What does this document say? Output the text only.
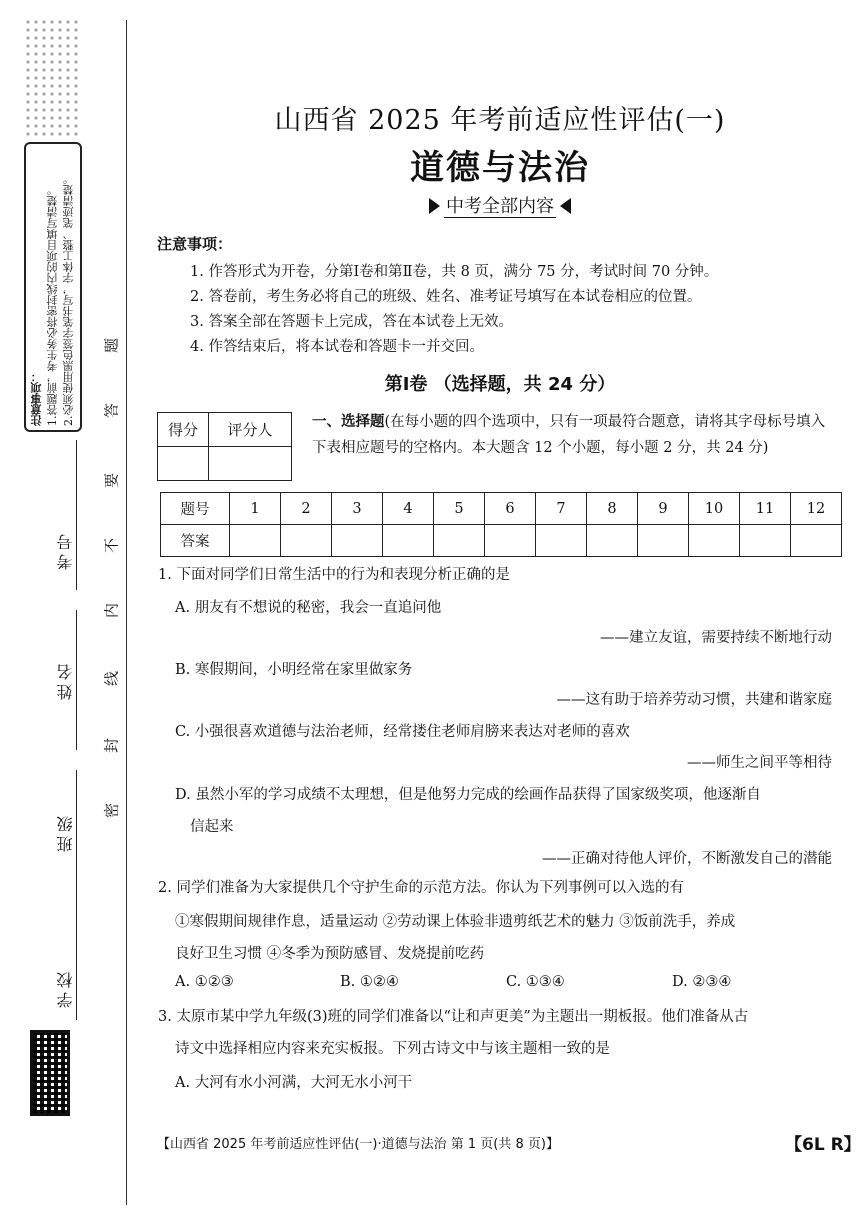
注意事项： 1.答题前，考生务必将密封线内的项目填写清楚。 2.必须使用黑色签字笔书写，字体工整、笔迹清楚。
考号
姓名
班级
学校
题
答
要
不
内
线
封
密
山西省 2025 年考前适应性评估(一)
道德与法治
中考全部内容
注意事项：
1. 作答形式为开卷，分第Ⅰ卷和第Ⅱ卷，共 8 页，满分 75 分，考试时间 70 分钟。
2. 答卷前，考生务必将自己的班级、姓名、准考证号填写在本试卷相应的位置。
3. 答案全部在答题卡上完成，答在本试卷上无效。
4. 作答结束后，将本试卷和答题卡一并交回。
第Ⅰ卷 （选择题，共 24 分）
得分	评分人
		一、选择题(在每小题的四个选项中，只有一项最符合题意，请将其字母标号填入下表相应题号的空格内。本大题含 12 个小题，每小题 2 分，共 24 分)
题号	1	2	3	4	5	6	7	8	9	10	11	12
答案												
1. 下面对同学们日常生活中的行为和表现分析正确的是
A. 朋友有不想说的秘密，我会一直追问他
——建立友谊，需要持续不断地行动
B. 寒假期间，小明经常在家里做家务
——这有助于培养劳动习惯，共建和谐家庭
C. 小强很喜欢道德与法治老师，经常搂住老师肩膀来表达对老师的喜欢
——师生之间平等相待
D. 虽然小军的学习成绩不太理想，但是他努力完成的绘画作品获得了国家级奖项，他逐渐自
信起来
——正确对待他人评价，不断激发自己的潜能
2. 同学们准备为大家提供几个守护生命的示范方法。你认为下列事例可以入选的有
①寒假期间规律作息，适量运动 ②劳动课上体验非遗剪纸艺术的魅力 ③饭前洗手，养成
良好卫生习惯 ④冬季为预防感冒、发烧提前吃药
A. ①②③	B. ①②④	C. ①③④	D. ②③④
3. 太原市某中学九年级(3)班的同学们准备以“让和声更美”为主题出一期板报。他们准备从古
诗文中选择相应内容来充实板报。下列古诗文中与该主题相一致的是
A. 大河有水小河满，大河无水小河干
【山西省 2025 年考前适应性评估(一)·道德与法治 第 1 页(共 8 页)】	【6L R】
